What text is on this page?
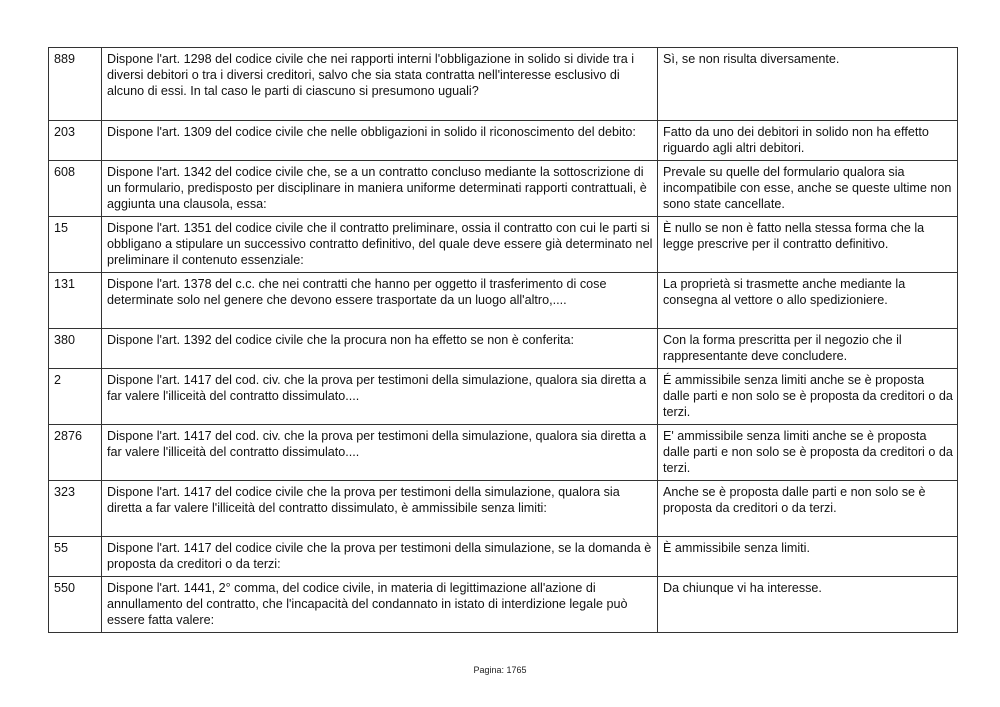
889	Dispone l'art. 1298 del codice civile che nei rapporti interni l'obbligazione in solido si divide tra i diversi debitori o tra i diversi creditori, salvo che sia stata contratta nell'interesse esclusivo di alcuno di essi. In tal caso le parti di ciascuno si presumono uguali?	Sì, se non risulta diversamente.
203	Dispone l'art. 1309 del codice civile che nelle obbligazioni in solido il riconoscimento del debito:	Fatto da uno dei debitori in solido non ha effetto riguardo agli altri debitori.
608	Dispone l'art. 1342 del codice civile che, se a un contratto concluso mediante la sottoscrizione di un formulario, predisposto per disciplinare in maniera uniforme determinati rapporti contrattuali, è aggiunta una clausola, essa:	Prevale su quelle del formulario qualora sia incompatibile con esse, anche se queste ultime non sono state cancellate.
15	Dispone l'art. 1351 del codice civile che il contratto preliminare, ossia il contratto con cui le parti si obbligano a stipulare un successivo contratto definitivo, del quale deve essere già determinato nel preliminare il contenuto essenziale:	È nullo se non è fatto nella stessa forma che la legge prescrive per il contratto definitivo.
131	Dispone l'art. 1378 del c.c. che nei contratti che hanno per oggetto il trasferimento di cose determinate solo nel genere che devono essere trasportate da un luogo all'altro,....	La proprietà si trasmette anche mediante la consegna al vettore o allo spedizioniere.
380	Dispone l'art. 1392 del codice civile che la procura non ha effetto se non è conferita:	Con la forma prescritta per il negozio che il rappresentante deve concludere.
2	Dispone l'art. 1417 del cod. civ. che la prova per testimoni della simulazione, qualora sia diretta a far valere l'illiceità del contratto dissimulato....	É ammissibile senza limiti anche se è proposta dalle parti e non solo se è proposta da creditori o da terzi.
2876	Dispone l'art. 1417 del cod. civ. che la prova per testimoni della simulazione, qualora sia diretta a far valere l'illiceità del contratto dissimulato....	E' ammissibile senza limiti anche se è proposta dalle parti e non solo se è proposta da creditori o da terzi.
323	Dispone l'art. 1417 del codice civile che la prova per testimoni della simulazione, qualora sia diretta a far valere l'illiceità del contratto dissimulato, è ammissibile senza limiti:	Anche se è proposta dalle parti e non solo se è proposta da creditori o da terzi.
55	Dispone l'art. 1417 del codice civile che la prova per testimoni della simulazione, se la domanda è proposta da creditori o da terzi:	È ammissibile senza limiti.
550	Dispone l'art. 1441, 2° comma, del codice civile, in materia di legittimazione all'azione di annullamento del contratto, che l'incapacità del condannato in istato di interdizione legale può essere fatta valere:	Da chiunque vi ha interesse.
Pagina: 1765
